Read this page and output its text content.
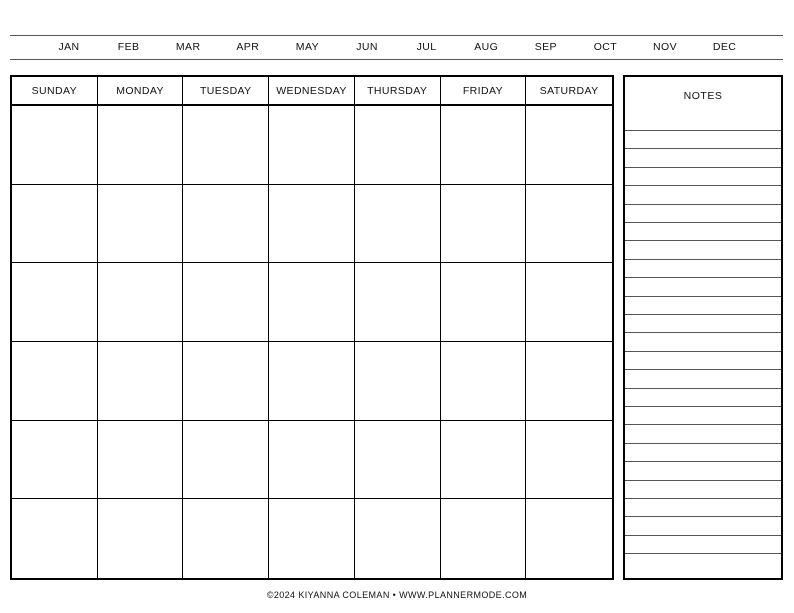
JAN	FEB	MAR	APR	MAY	JUN	JUL	AUG	SEP	OCT	NOV	DEC
SUNDAY	MONDAY	TUESDAY	WEDNESDAY	THURSDAY	FRIDAY	SATURDAY	NOTES
©2024 KIYANNA COLEMAN • WWW.PLANNERMODE.COM
